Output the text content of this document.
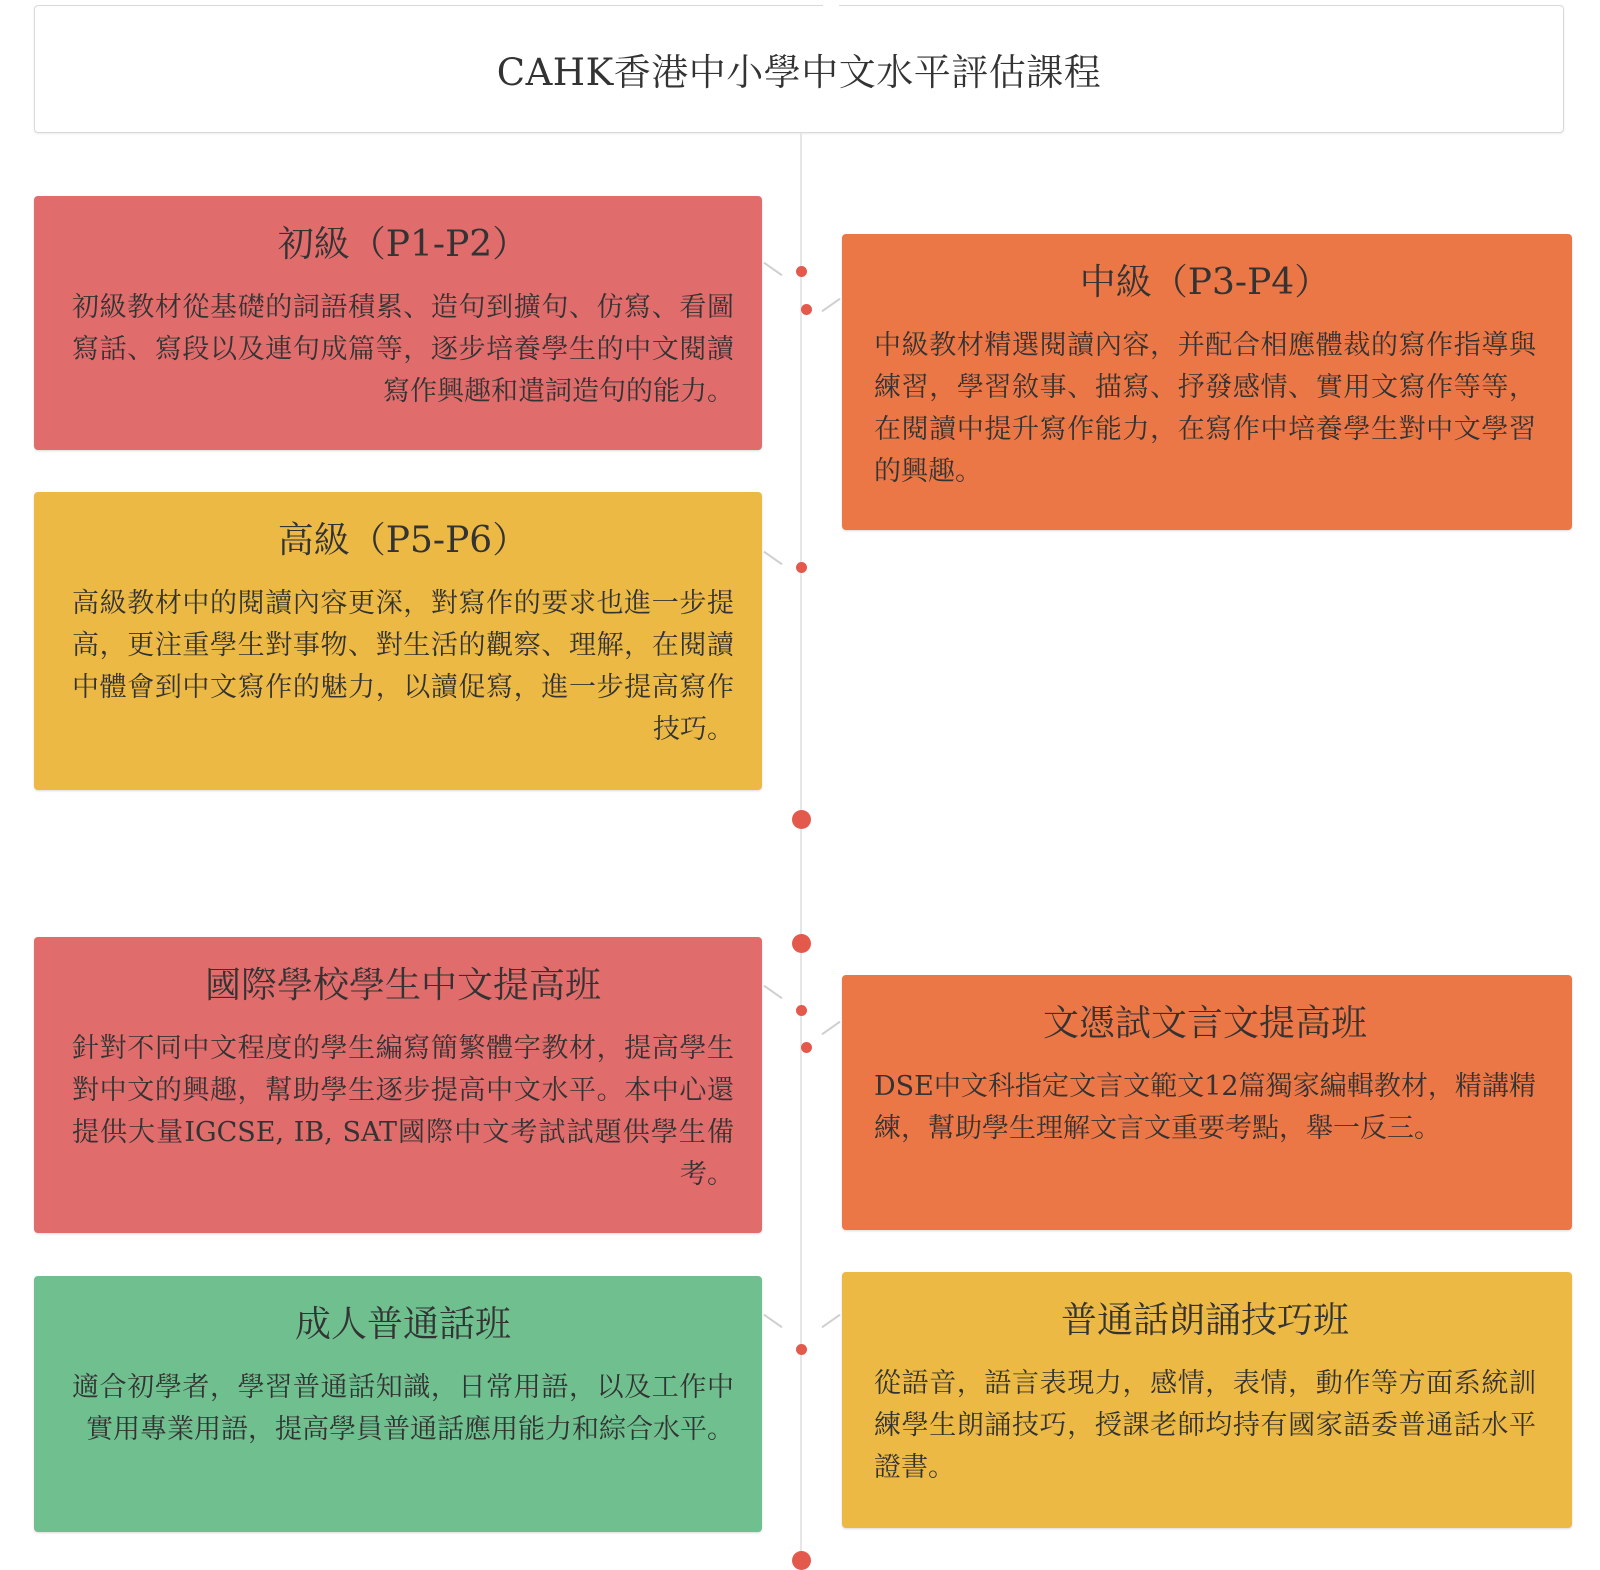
CAHK香港中小學中文水平評估課程
初級（P1-P2）
初級教材從基礎的詞語積累、造句到擴句、仿寫、看圖寫話、寫段以及連句成篇等，逐步培養學生的中文閱讀寫作興趣和遣詞造句的能力。
中級（P3-P4）
中級教材精選閱讀內容，并配合相應體裁的寫作指導與練習，學習敘事、描寫、抒發感情、實用文寫作等等，在閱讀中提升寫作能力，在寫作中培養學生對中文學習的興趣。
高級（P5-P6）
高級教材中的閱讀內容更深，對寫作的要求也進一步提高，更注重學生對事物、對生活的觀察、理解，在閱讀中體會到中文寫作的魅力，以讀促寫，進一步提高寫作技巧。
國際學校學生中文提高班
針對不同中文程度的學生編寫簡繁體字教材，提高學生對中文的興趣，幫助學生逐步提高中文水平。本中心還提供大量IGCSE, IB, SAT國際中文考試試題供學生備考。
文憑試文言文提高班
DSE中文科指定文言文範文12篇獨家編輯教材，精講精練，幫助學生理解文言文重要考點，舉一反三。
成人普通話班
適合初學者，學習普通話知識，日常用語，以及工作中實用專業用語，提高學員普通話應用能力和綜合水平。
普通話朗誦技巧班
從語音，語言表現力，感情，表情，動作等方面系統訓練學生朗誦技巧，授課老師均持有國家語委普通話水平證書。
